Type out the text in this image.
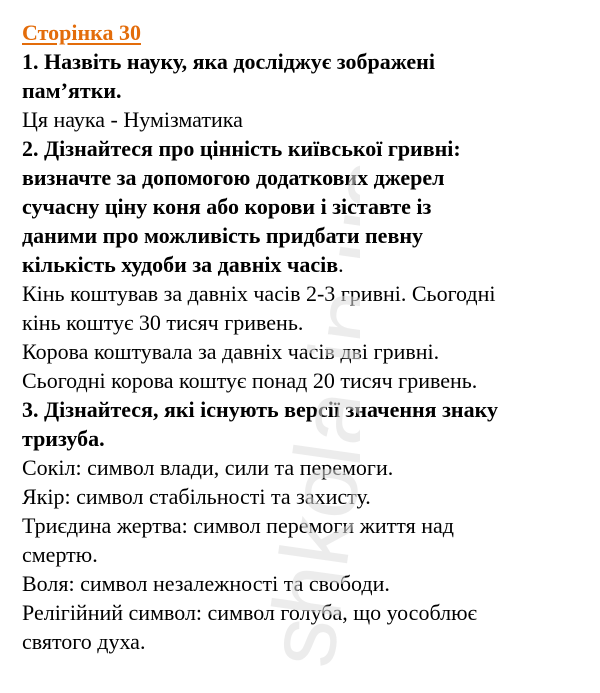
Сторінка 30
1. Назвіть науку, яка досліджує зображені
пам’ятки.
Ця наука - Нумізматика
2. Дізнайтеся про цінність київської гривні:
визначте за допомогою додаткових джерел
сучасну ціну коня або корови і зіставте із
даними про можливість придбати певну
кількість худоби за давніх часів.
Кінь коштував за давніх часів 2-3 гривні. Сьогодні
кінь коштує 30 тисяч гривень.
Корова коштувала за давніх часів дві гривні.
Сьогодні корова коштує понад 20 тисяч гривень.
3. Дізнайтеся, які існують версії значення знаку
тризуба.
Сокіл: символ влади, сили та перемоги.
Якір: символ стабільності та захисту.
Триєдина жертва: символ перемоги життя над
смертю.
Воля: символ незалежності та свободи.
Релігійний символ: символ голуба, що уособлює
святого духа.	shkola.in.ua
